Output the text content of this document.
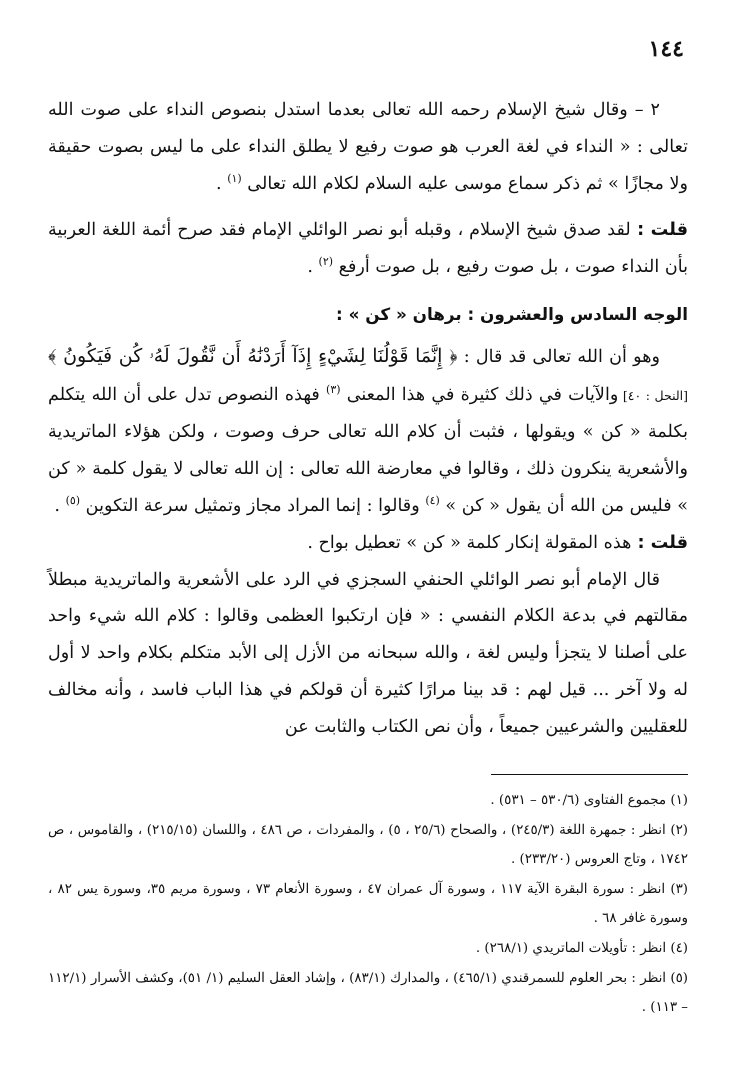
١٤٤

٢ – وقال شيخ الإسلام رحمه الله تعالى بعدما استدل بنصوص النداء على صوت الله تعالى : « النداء في لغة العرب هو صوت رفيع لا يطلق النداء على ما ليس بصوت حقيقة ولا مجازًا » ثم ذكر سماع موسى عليه السلام لكلام الله تعالى $^{(١)}$ .

قلت : لقد صدق شيخ الإسلام ، وقبله أبو نصر الوائلي الإمام فقد صرح أئمة اللغة العربية بأن النداء صوت ، بل صوت رفيع ، بل صوت أرفع $^{(٢)}$ .

الوجه السادس والعشرون : برهان « كن » :

وهو أن الله تعالى قد قال : ﴿ إِنَّمَا قَوْلُنَا لِشَيْءٍ إِذَآ أَرَدْنَٰهُ أَن نَّقُولَ لَهُۥ كُن فَيَكُونُ ﴾ [النحل : ٤٠] والآيات في ذلك كثيرة في هذا المعنى $^{(٣)}$ فهذه النصوص تدل على أن الله يتكلم بكلمة « كن » ويقولها ، فثبت أن كلام الله تعالى حرف وصوت ، ولكن هؤلاء الماتريدية والأشعرية ينكرون ذلك ، وقالوا في معارضة الله تعالى : إن الله تعالى لا يقول كلمة « كن » فليس من الله أن يقول « كن » $^{(٤)}$ وقالوا : إنما المراد مجاز وتمثيل سرعة التكوين $^{(٥)}$ .

قلت : هذه المقولة إنكار كلمة « كن » تعطيل بواح .

قال الإمام أبو نصر الوائلي الحنفي السجزي في الرد على الأشعرية والماتريدية مبطلاً مقالتهم في بدعة الكلام النفسي : « فإن ارتكبوا العظمى وقالوا : كلام الله شيء واحد على أصلنا لا يتجزأ وليس لغة ، والله سبحانه من الأزل إلى الأبد متكلم بكلام واحد لا أول له ولا آخر ... قيل لهم : قد بينا مرارًا كثيرة أن قولكم في هذا الباب فاسد ، وأنه مخالف للعقليين والشرعيين جميعاً ، وأن نص الكتاب والثابت عن

(١) مجموع الفتاوى (٥٣٠/٦ – ٥٣١) .

(٢) انظر : جمهرة اللغة (٢٤٥/٣) ، والصحاح (٢٥/٦ ، ٥) ، والمفردات ، ص ٤٨٦ ، واللسان (٢١٥/١٥) ، والقاموس ، ص ١٧٤٢ ، وتاج العروس (٢٣٣/٢٠) .

(٣) انظر : سورة البقرة الآية ١١٧ ، وسورة آل عمران ٤٧ ، وسورة الأنعام ٧٣ ، وسورة مريم ٣٥، وسورة يس ٨٢ ، وسورة غافر ٦٨ .

(٤) انظر : تأويلات الماتريدي (٢٦٨/١) .

(٥) انظر : بحر العلوم للسمرقندي (٤٦٥/١) ، والمدارك (٨٣/١) ، وإشاد العقل السليم (١/ ٥١)، وكشف الأسرار (١١٢/١ – ١١٣) .
